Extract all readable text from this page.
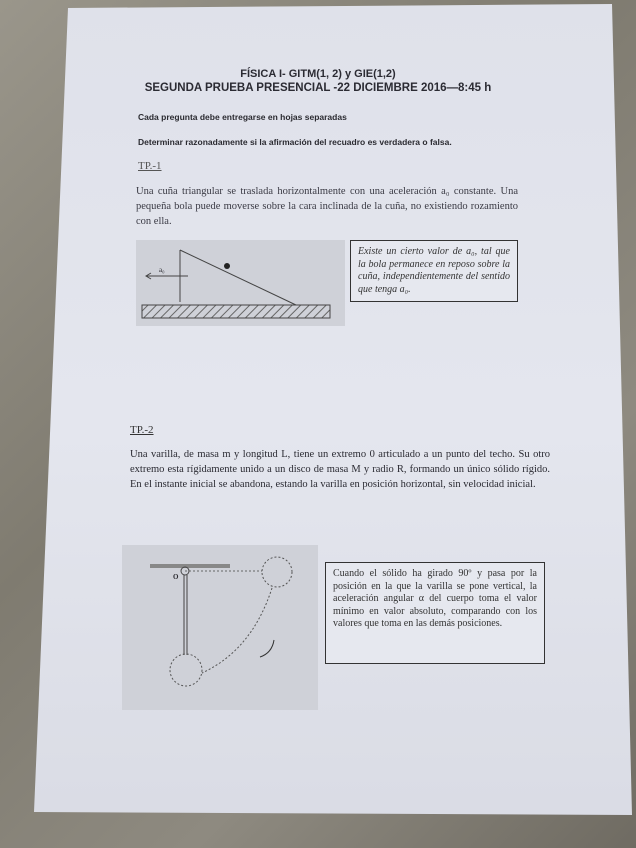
FÍSICA I- GITM(1, 2) y GIE(1,2)
SEGUNDA PRUEBA PRESENCIAL -22 DICIEMBRE 2016—8:45 h
Cada pregunta debe entregarse en hojas separadas
Determinar razonadamente si la afirmación del recuadro es verdadera o falsa.
TP.-1
Una cuña triangular se traslada horizontalmente con una aceleración a₀ constante. Una pequeña bola puede moverse sobre la cara inclinada de la cuña, no existiendo rozamiento con ella.
a₀
Existe un cierto valor de a₀, tal que la bola permanece en reposo sobre la cuña, independientemente del sentido que tenga a₀.
TP.-2
Una varilla, de masa m y longitud L, tiene un extremo 0 articulado a un punto del techo. Su otro extremo esta rígidamente unido a un disco de masa M y radio R, formando un único sólido rígido. En el instante inicial se abandona, estando la varilla en posición horizontal, sin velocidad inicial.
O	Cuando el sólido ha girado 90º y pasa por la posición en la que la varilla se pone vertical, la aceleración angular α del cuerpo toma el valor mínimo en valor absoluto, comparando con los valores que toma en las demás posiciones.
